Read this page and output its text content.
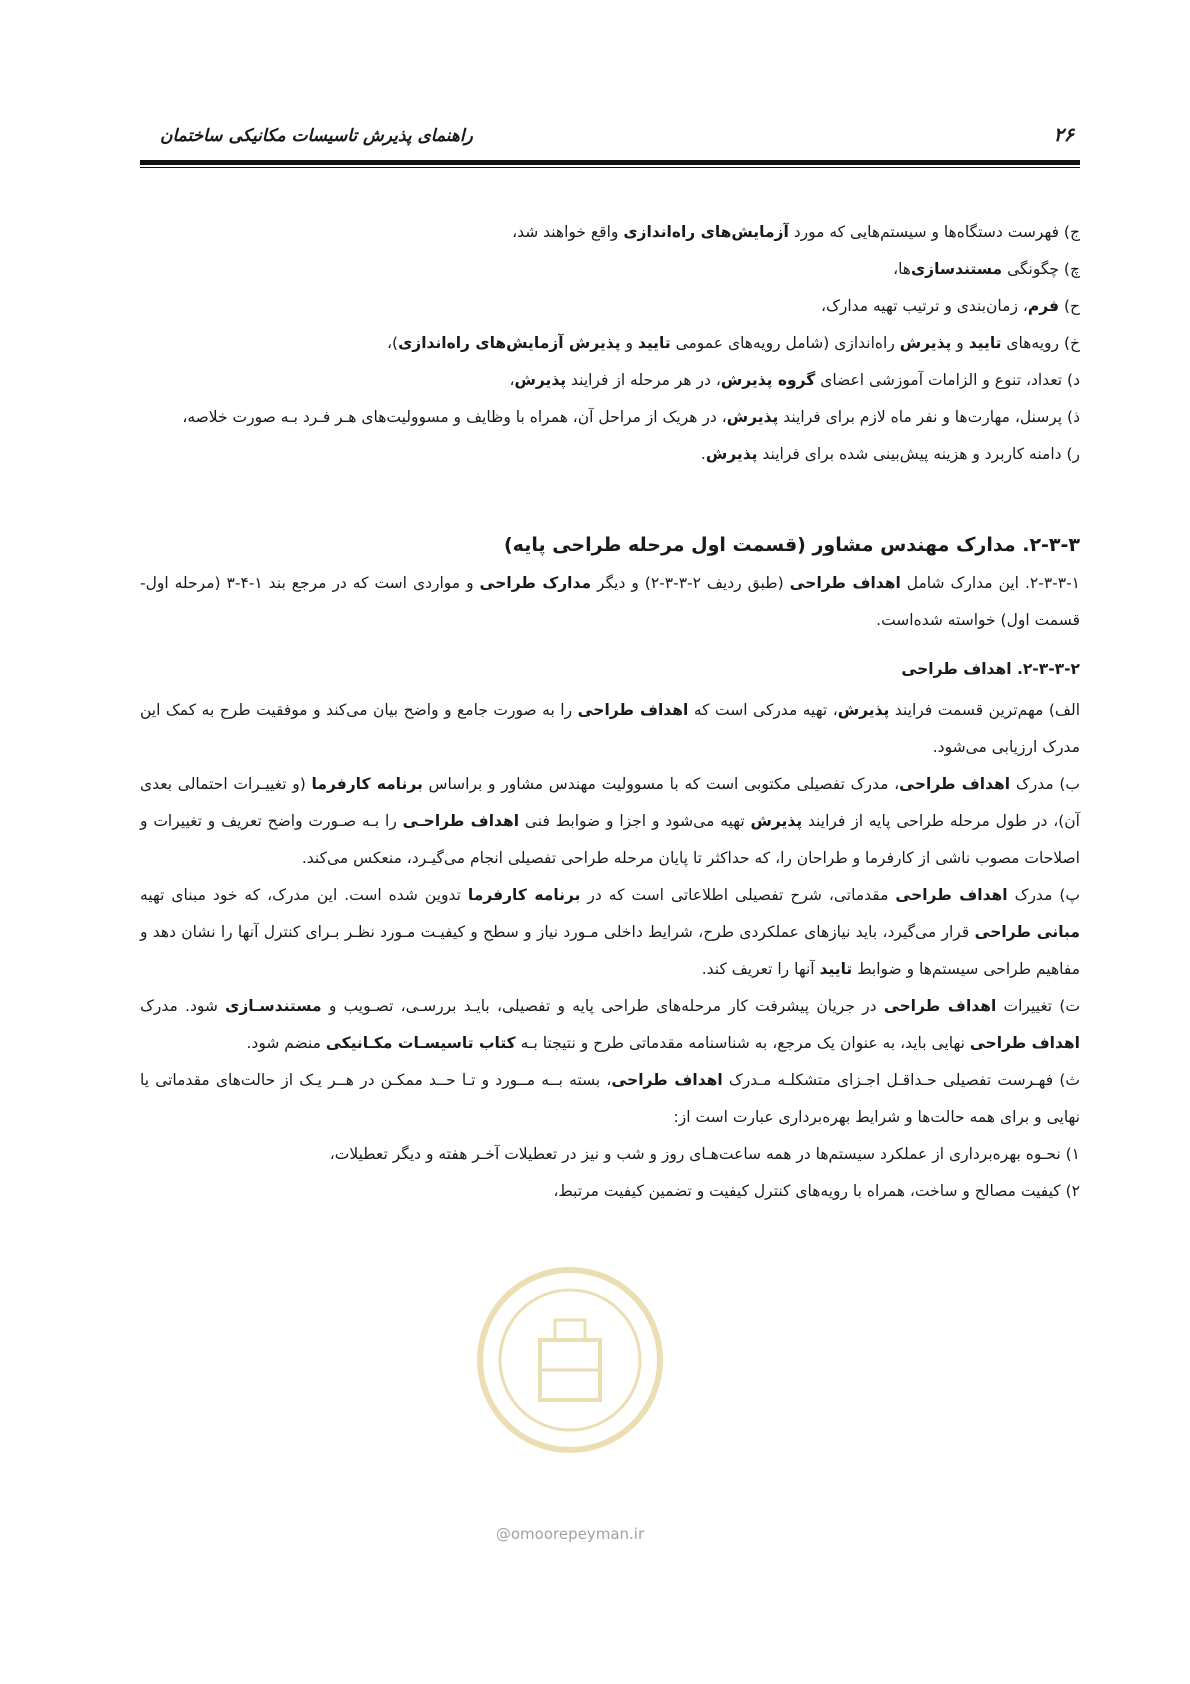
راهنمای پذیرش تاسیسات مکانیکی ساختمان	۲۶

ج) فهرست دستگاه‌ها و سیستم‌هایی که مورد آزمایش‌های راه‌اندازی واقع خواهند شد،

چ) چگونگی مستندسازی‌ها،

ح) فرم، زمان‌بندی و ترتیب تهیه مدارک،

خ) رویه‌های تایید و پذیرش راه‌اندازی (شامل رویه‌های عمومی تایید و پذیرش آزمایش‌های راه‌اندازی)،

د) تعداد، تنوع و الزامات آموزشی اعضای گروه پذیرش، در هر مرحله از فرایند پذیرش،

ذ) پرسنل، مهارت‌ها و نفر ماه لازم برای فرایند پذیرش، در هریک از مراحل آن، همراه با وظایف و مسوولیت‌های هـر فـرد بـه صورت خلاصه،

ر) دامنه کاربرد و هزینه پیش‌بینی شده برای فرایند پذیرش.

۲-۳-۳. مدارک مهندس مشاور (قسمت اول مرحله طراحی پایه)

۲-۳-۳-۱. این مدارک شامل اهداف طراحی (طبق ردیف ۲-۳-۳-۲) و دیگر مدارک طراحی و مواردی است که در مرجع بند ۱-۴-۳ (مرحله اول- قسمت اول) خواسته شده‌است.

۲-۳-۳-۲. اهداف طراحی

الف) مهم‌ترین قسمت فرایند پذیرش، تهیه مدرکی است که اهداف طراحی را به صورت جامع و واضح بیان می‌کند و موفقیت طرح به کمک این مدرک ارزیابی می‌شود.

ب) مدرک اهداف طراحی، مدرک تفصیلی مکتوبی است که با مسوولیت مهندس مشاور و براساس برنامه کارفرما (و تغییـرات احتمالی بعدی آن)، در طول مرحله طراحی پایه از فرایند پذیرش تهیه می‌شود و اجزا و ضوابط فنی اهداف طراحـی را بـه صـورت واضح تعریف و تغییرات و اصلاحات مصوب ناشی از کارفرما و طراحان را، که حداکثر تا پایان مرحله طراحی تفصیلی انجام می‌گیـرد، منعکس می‌کند.

پ) مدرک اهداف طراحی مقدماتی، شرح تفصیلی اطلاعاتی است که در برنامه کارفرما تدوین شده است. این مدرک، که خود مبنای تهیه مبانی طراحی قرار می‌گیرد، باید نیازهای عملکردی طرح، شرایط داخلی مـورد نیاز و سطح و کیفیـت مـورد نظـر بـرای کنترل آنها را نشان دهد و مفاهیم طراحی سیستم‌ها و ضوابط تایید آنها را تعریف کند.

ت) تغییرات اهداف طراحی در جریان پیشرفت کار مرحله‌های طراحی پایه و تفصیلی، بایـد بررسـی، تصـویب و مستندسـازی شود. مدرک اهداف طراحی نهایی باید، به عنوان یک مرجع، به شناسنامه مقدماتی طرح و نتیجتا بـه کتاب تاسیسـات مکـانیکی منضم شود.

ث) فهـرست تفصیلی حـداقـل اجـزای متشکلـه مـدرک اهداف طراحی، بسته بــه مــورد و تـا حــد ممکـن در هــر یـک از حالت‌های مقدماتی یا نهایی و برای همه حالت‌ها و شرایط بهره‌برداری عبارت است از:

۱) نحـوه بهره‌برداری از عملکرد سیستم‌ها در همه ساعت‌هـای روز و شب و نیز در تعطیلات آخـر هفته و دیگر تعطیلات،

۲) کیفیت مصالح و ساخت، همراه با رویه‌های کنترل کیفیت و تضمین کیفیت مرتبط،

@omoorepeyman.ir
